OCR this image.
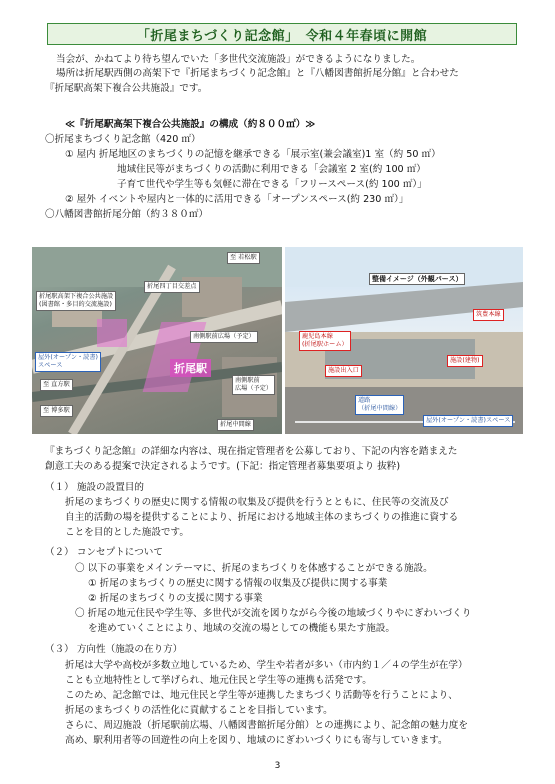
「折尾まちづくり記念館」　令和４年春頃に開館
当会が、かねてより待ち望んでいた「多世代交流施設」ができるようになりました。
場所は折尾駅西側の高架下で『折尾まちづくり記念館』と『八幡図書館折尾分館』と合わせた
『折尾駅高架下複合公共施設』です。
≪『折尾駅高架下複合公共施設』の構成（約８００㎡）≫
〇折尾まちづくり記念館（420 ㎡）
① 屋内 折尾地区のまちづくりの記憶を継承できる「展示室(兼会議室)1 室（約 50 ㎡）
地域住民等がまちづくりの活動に利用できる「会議室 2 室(約 100 ㎡）
子育て世代や学生等も気軽に滞在できる「フリースペース(約 100 ㎡）」
② 屋外 イベントや屋内と一体的に活用できる「オープンスペース(約 230 ㎡）」
〇八幡図書館折尾分館（約３８０㎡）
至 若松駅
折尾四丁目交差点
折尾駅高架下複合公共施設
(図書館・多目的交流施設)
南側駅前広場（予定）
屋外(オープン・読書)
スペース	折尾駅
南側駅前
広場（予定）
至 直方駅
至 博多駅
折尾中間線
整備イメージ（外観パース）
筑豊本線
鹿児島本線
(折尾駅ホーム）
施設出入口
施設(建物)
道路
（折尾中間線）
屋外(オープン・読書)スペース
『まちづくり記念館』の詳細な内容は、現在指定管理者を公募しており、下記の内容を踏まえた
創意工夫のある提案で決定されるようです。(下記：指定管理者募集要項より 抜粋)
（１） 施設の設置目的
折尾のまちづくりの歴史に関する情報の収集及び提供を行うとともに、住民等の交流及び
自主的活動の場を提供することにより、折尾における地域主体のまちづくりの推進に資する
ことを目的とした施設です。
（２） コンセプトについて
〇 以下の事業をメインテーマに、折尾のまちづくりを体感することができる施設。
① 折尾のまちづくりの歴史に関する情報の収集及び提供に関する事業
② 折尾のまちづくりの支援に関する事業
〇 折尾の地元住民や学生等、多世代が交流を図りながら今後の地域づくりやにぎわいづくり
を進めていくことにより、地域の交流の場としての機能も果たす施設。
（３） 方向性（施設の在り方）
折尾は大学や高校が多数立地しているため、学生や若者が多い（市内約１／４の学生が在学）
ことも立地特性として挙げられ、地元住民と学生等の連携も活発です。
このため、記念館では、地元住民と学生等が連携したまちづくり活動等を行うことにより、
折尾のまちづくりの活性化に貢献することを目指しています。
さらに、周辺施設（折尾駅前広場、八幡図書館折尾分館）との連携により、記念館の魅力度を
高め、駅利用者等の回遊性の向上を図り、地域のにぎわいづくりにも寄与していきます。
3
